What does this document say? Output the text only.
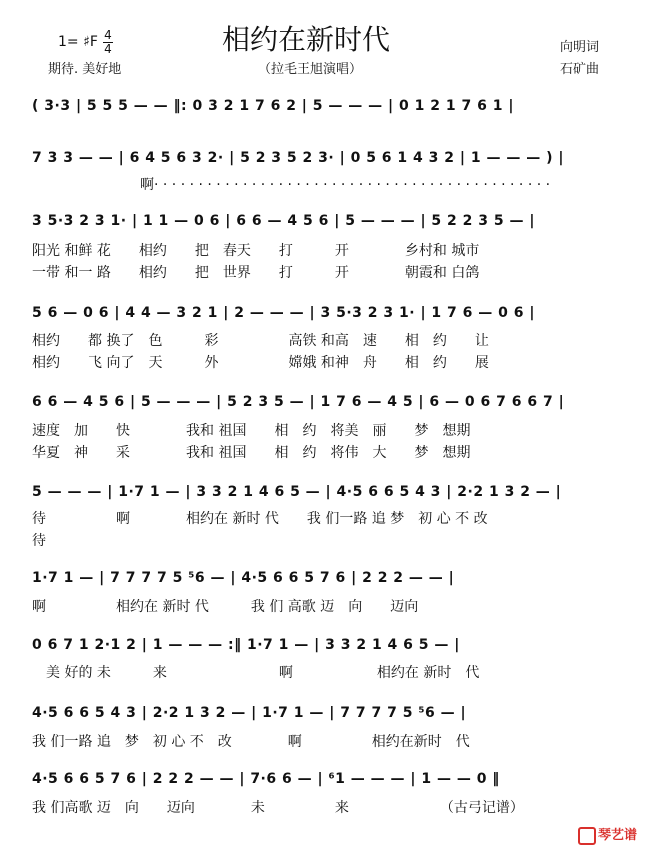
相约在新时代
1= ♯F 4
4
期待. 美好地	（拉毛王旭演唱）
向明词
石矿曲
( 3·3 | 5 5 5 — — ‖: 0 3 2 1 7 6 2 | 5 — — — | 0 1 2 1 7 6 1 |
7 3 3 — — | 6 4 5 6 3 2· | 5 2 3 5 2 3· | 0 5 6 1 4 3 2 | 1 — — — ) |
啊· · · · · · · · · · · · · · · · · · · · · · · · · · · · · · · · · · · · · · · · · · · · ·
3 5·3 2 3 1· | 1 1 — 0 6 | 6 6 — 4 5 6 | 5 — — — | 5 2 2 3 5 — |
阳光 和鲜 花　　相约　　把　春天　　打　　　开　　　　乡村和 城市
一带 和一 路　　相约　　把　世界　　打　　　开　　　　朝霞和 白鸽
5 6 — 0 6 | 4 4 — 3 2 1 | 2 — — — | 3 5·3 2 3 1· | 1 7 6 — 0 6 |
相约　　都 换了　色　　　彩　　　　　高铁 和高　速　　相　约　　让
相约　　飞 向了　天　　　外　　　　　嫦娥 和神　舟　　相　约　　展
6 6 — 4 5 6 | 5 — — — | 5 2 3 5 — | 1 7 6 — 4 5 | 6 — 0 6 7 6 6 7 |
速度　加　　快　　　　我和 祖国　　相　约　将美　丽　　梦　想期
华夏　神　　采　　　　我和 祖国　　相　约　将伟　大　　梦　想期
5 — — — | 1·7 1 — | 3 3 2 1 4 6 5 — | 4·5 6 6 5 4 3 | 2·2 1 3 2 — |
待　　　　　啊　　　　相约在 新时 代　　我 们一路 追 梦　初 心 不 改
待
1·7 1 — | 7 7 7 7 5 ⁵6 — | 4·5 6 6 5 7 6 | 2 2 2 — — |
啊　　　　　相约在 新时 代　　　我 们 高歌 迈　向　　迈向
0 6 7 1 2·1 2 | 1 — — — :‖ 1·7 1 — | 3 3 2 1 4 6 5 — |
　美 好的 未　　　来　　　　　　　　啊　　　　　　相约在 新时　代
4·5 6 6 5 4 3 | 2·2 1 3 2 — | 1·7 1 — | 7 7 7 7 5 ⁵6 — |
我 们一路 追　梦　初 心 不　改　　　　啊　　　　　相约在新时　代
4·5 6 6 5 7 6 | 2 2 2 — — | 7·6 6 — | ⁶1 — — — | 1 — — 0 ‖
我 们高歌 迈　向　　迈向　　　　未　　　　　来　　　　　　　（古弓记谱）
琴艺谱
